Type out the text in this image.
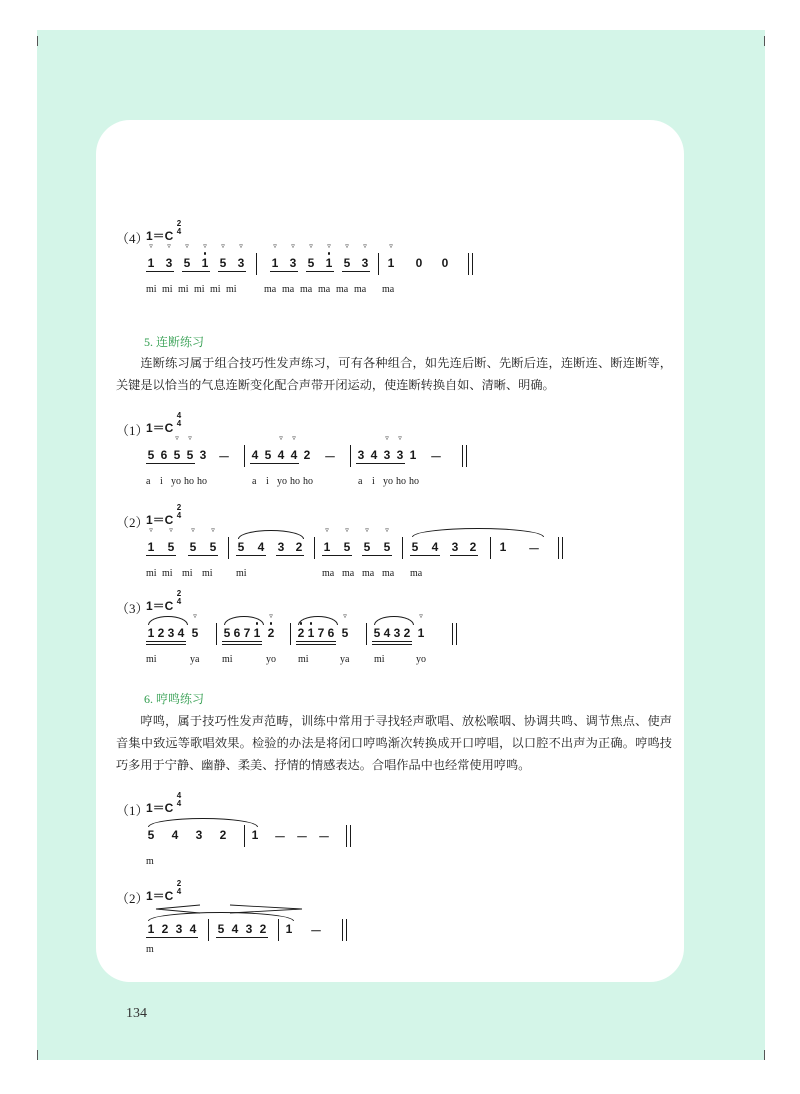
（4）
1＝C
2
4
1 3 5 1 5 3 1 3 5 1 5 3 1 0 0
▿	▿	▿	▿	▿	▿	▿	▿	▿	▿	▿	▿	▿
mi mi mi mi mi mi	ma ma ma ma ma ma ma
5. 连断练习

连断练习属于组合技巧性发声练习，可有各种组合，如先连后断、先断后连，连断连、断连断等，关键是以恰当的气息连断变化配合声带开闭运动，使连断转换自如、清晰、明确。

（1）
1＝C
4
4
5 6 5 5 3 － 4 5 4 4 2 － 3 4 3 3 1 －
▿	▿	▿	▿	▿	▿
a i yo ho ho	a i yo ho ho	a i yo ho ho
（2）
1＝C
2
4
1 5 5 5 5 4 3 2 1 5 5 5 5 4 3 2 1 －
▿	▿	▿	▿	▿	▿	▿	▿
mi mi mi mi mi	ma ma ma ma ma
（3）
1＝C
2
4
1 2 3 4 5 5 6 7 1 2 2 1 7 6 5 5 4 3 2 1
▿	▿	▿	▿
mi	ya mi	yo mi	ya mi	yo
6. 哼鸣练习

哼鸣，属于技巧性发声范畴，训练中常用于寻找轻声歌唱、放松喉咽、协调共鸣、调节焦点、使声音集中致远等歌唱效果。检验的办法是将闭口哼鸣渐次转换成开口哼唱，以口腔不出声为正确。哼鸣技巧多用于宁静、幽静、柔美、抒情的情感表达。合唱作品中也经常使用哼鸣。

（1）
1＝C
4
4
5 4 3 2 1 － － －
m
（2）
1＝C
2
4
1 2 3 4 5 4 3 2 1 －
m
134
